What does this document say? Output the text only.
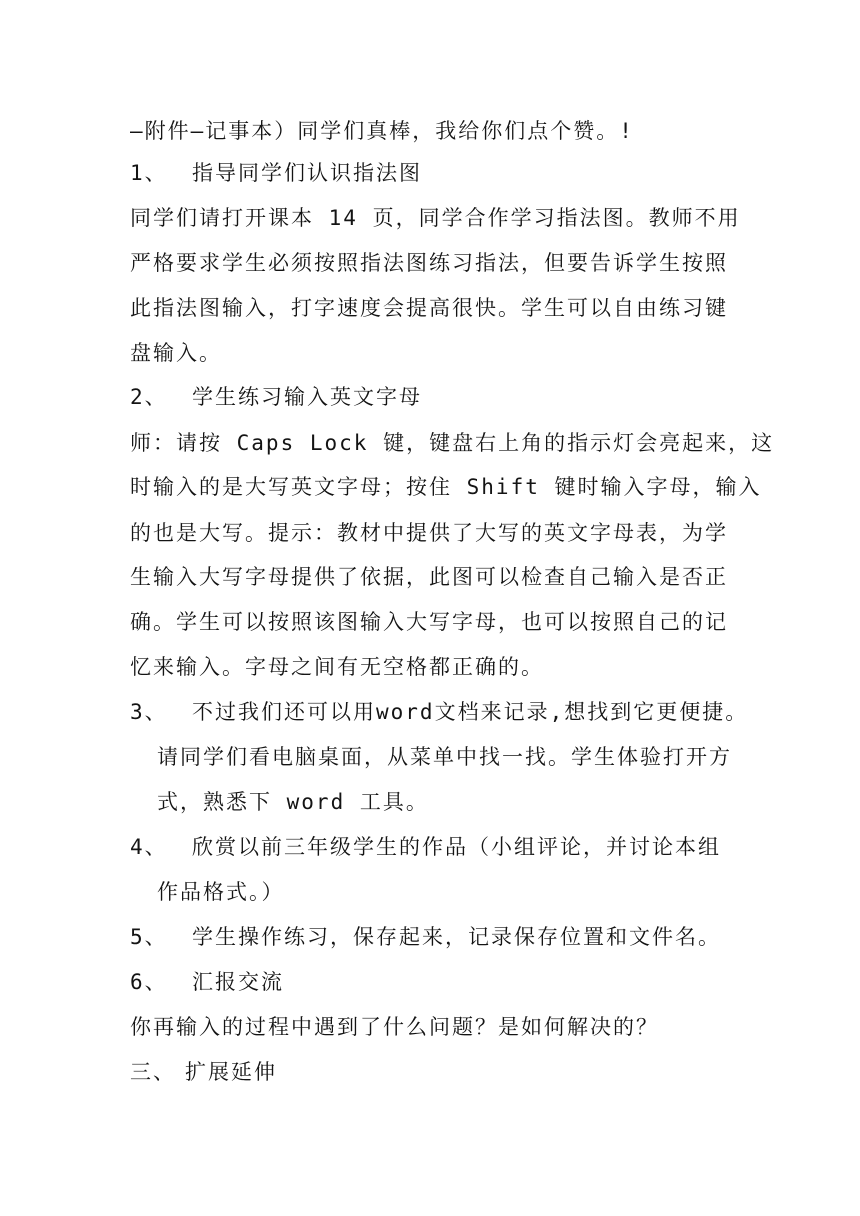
—附件—记事本）同学们真棒，我给你们点个赞。!
1、 指导同学们认识指法图
同学们请打开课本 14 页，同学合作学习指法图。教师不用
严格要求学生必须按照指法图练习指法，但要告诉学生按照
此指法图输入，打字速度会提高很快。学生可以自由练习键
盘输入。
2、 学生练习输入英文字母
师：请按 Caps Lock 键，键盘右上角的指示灯会亮起来，这
时输入的是大写英文字母；按住 Shift 键时输入字母，输入
的也是大写。提示：教材中提供了大写的英文字母表，为学
生输入大写字母提供了依据，此图可以检查自己输入是否正
确。学生可以按照该图输入大写字母，也可以按照自己的记
忆来输入。字母之间有无空格都正确的。
3、 不过我们还可以用word文档来记录,想找到它更便捷。
请同学们看电脑桌面，从菜单中找一找。学生体验打开方
式，熟悉下 word 工具。
4、 欣赏以前三年级学生的作品（小组评论，并讨论本组
作品格式。）
5、 学生操作练习，保存起来，记录保存位置和文件名。
6、 汇报交流
你再输入的过程中遇到了什么问题？是如何解决的？
三、 扩展延伸
